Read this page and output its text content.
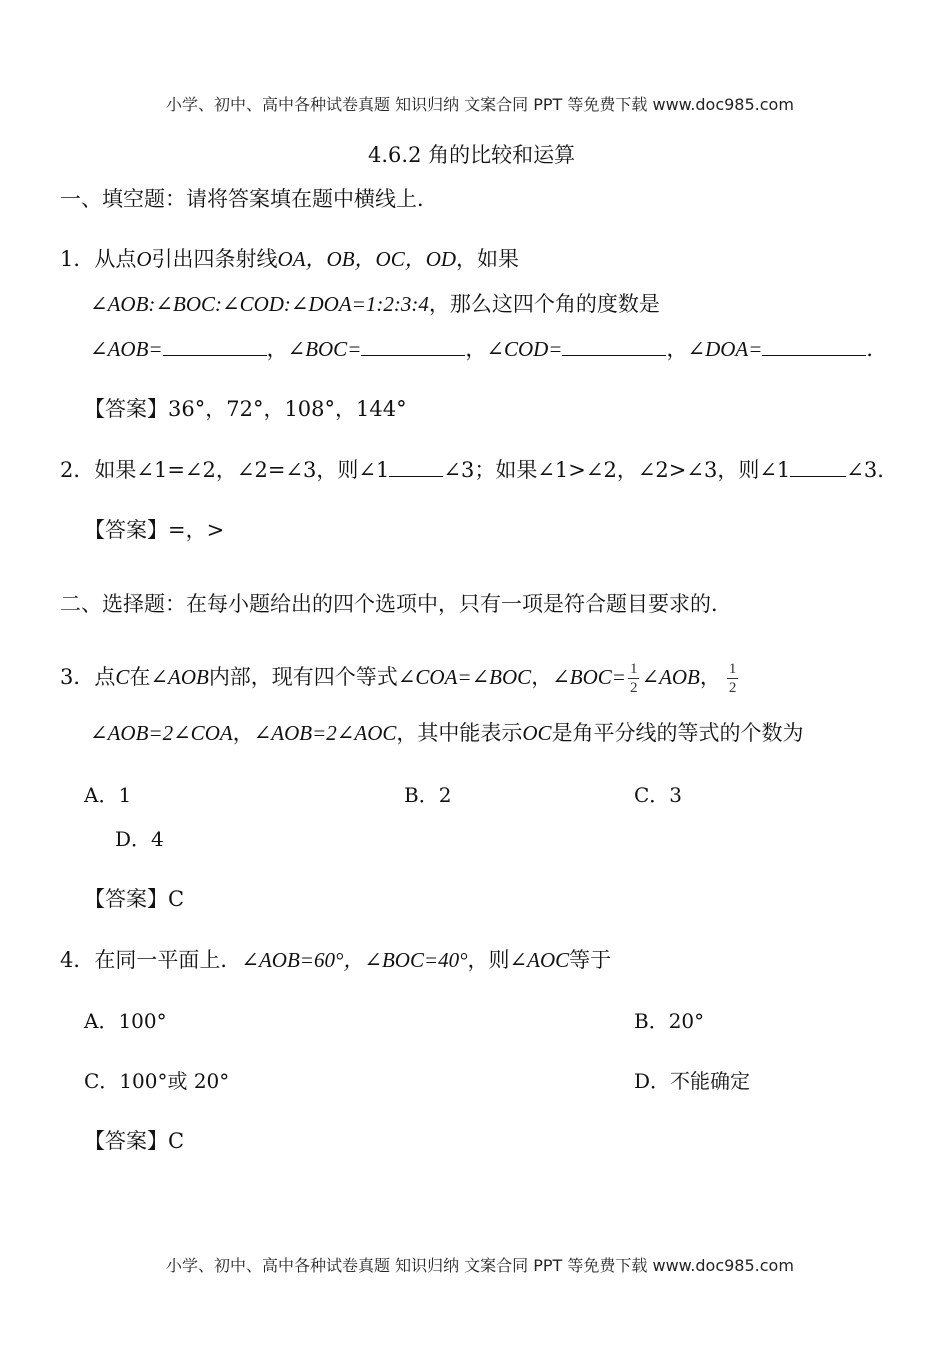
小学、初中、高中各种试卷真题 知识归纳 文案合同 PPT 等免费下载 www.doc985.com
4.6.2 角的比较和运算
一、填空题：请将答案填在题中横线上．
1．从点O引出四条射线OA，OB，OC，OD，如果
∠AOB:∠BOC:∠COD:∠DOA=1:2:3:4，那么这四个角的度数是
∠AOB=	，∠BOC=	，∠COD=	，∠DOA=	．
【答案】36°，72°，108°，144°
2．如果∠1=∠2，∠2=∠3，则∠1	∠3；如果∠1>∠2，∠2>∠3，则∠1	∠3．
【答案】=，>
二、选择题：在每小题给出的四个选项中，只有一项是符合题目要求的．
3．点C在∠AOB内部，现有四个等式∠COA=∠BOC，∠BOC= $\frac{1}{2}$ ∠AOB， $\frac{1}{2}$
∠AOB=2∠COA，∠AOB=2∠AOC，其中能表示OC是角平分线的等式的个数为
A．1	B．2	C．3
D．4
【答案】C
4．在同一平面上．∠AOB=60°，∠BOC=40°，则∠AOC等于
A．100°	B．20°
C．100°或 20°	D．不能确定
【答案】C
小学、初中、高中各种试卷真题 知识归纳 文案合同 PPT 等免费下载 www.doc985.com
